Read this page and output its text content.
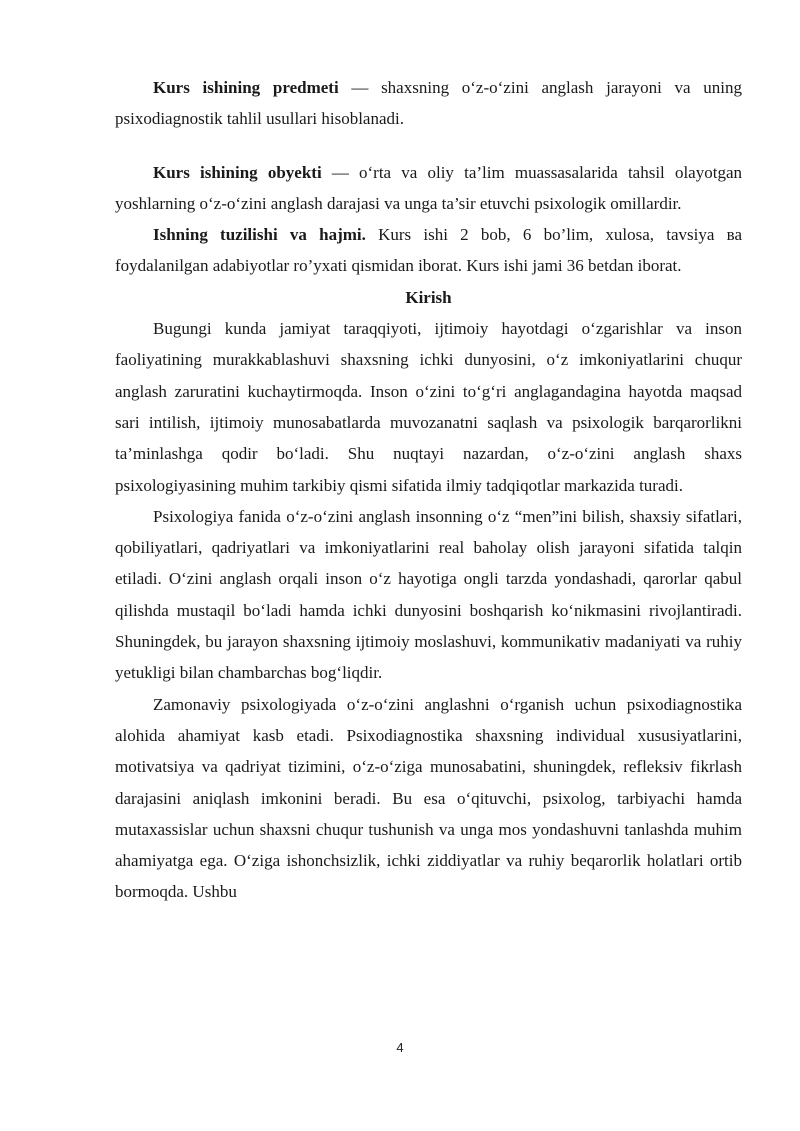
Kurs ishining predmeti — shaxsning o‘z-o‘zini anglash jarayoni va uning psixodiagnostik tahlil usullari hisoblanadi.

Kurs ishining obyekti — o‘rta va oliy ta’lim muassasalarida tahsil olayotgan yoshlarning o‘z-o‘zini anglash darajasi va unga ta’sir etuvchi psixologik omillardir.

Ishning tuzilishi va hajmi. Kurs ishi 2 bob, 6 bo’lim, xulosa, tavsiya ва foydalanilgan adabiyotlar ro’yxati qismidan iborat. Kurs ishi jami 36 betdan iborat.

Kirish

Bugungi kunda jamiyat taraqqiyoti, ijtimoiy hayotdagi o‘zgarishlar va inson faoliyatining murakkablashuvi shaxsning ichki dunyosini, o‘z imkoniyatlarini chuqur anglash zaruratini kuchaytirmoqda. Inson o‘zini to‘g‘ri anglagandagina hayotda maqsad sari intilish, ijtimoiy munosabatlarda muvozanatni saqlash va psixologik barqarorlikni ta’minlashga qodir bo‘ladi. Shu nuqtayi nazardan, o‘z-o‘zini anglash shaxs psixologiyasining muhim tarkibiy qismi sifatida ilmiy tadqiqotlar markazida turadi.

Psixologiya fanida o‘z-o‘zini anglash insonning o‘z “men”ini bilish, shaxsiy sifatlari, qobiliyatlari, qadriyatlari va imkoniyatlarini real baholay olish jarayoni sifatida talqin etiladi. O‘zini anglash orqali inson o‘z hayotiga ongli tarzda yondashadi, qarorlar qabul qilishda mustaqil bo‘ladi hamda ichki dunyosini boshqarish ko‘nikmasini rivojlantiradi. Shuningdek, bu jarayon shaxsning ijtimoiy moslashuvi, kommunikativ madaniyati va ruhiy yetukligi bilan chambarchas bog‘liqdir.

Zamonaviy psixologiyada o‘z-o‘zini anglashni o‘rganish uchun psixodiagnostika alohida ahamiyat kasb etadi. Psixodiagnostika shaxsning individual xususiyatlarini, motivatsiya va qadriyat tizimini, o‘z-o‘ziga munosabatini, shuningdek, refleksiv fikrlash darajasini aniqlash imkonini beradi. Bu esa o‘qituvchi, psixolog, tarbiyachi hamda mutaxassislar uchun shaxsni chuqur tushunish va unga mos yondashuvni tanlashda muhim ahamiyatga ega. O‘ziga ishonchsizlik, ichki ziddiyatlar va ruhiy beqarorlik holatlari ortib bormoqda. Ushbu

4
